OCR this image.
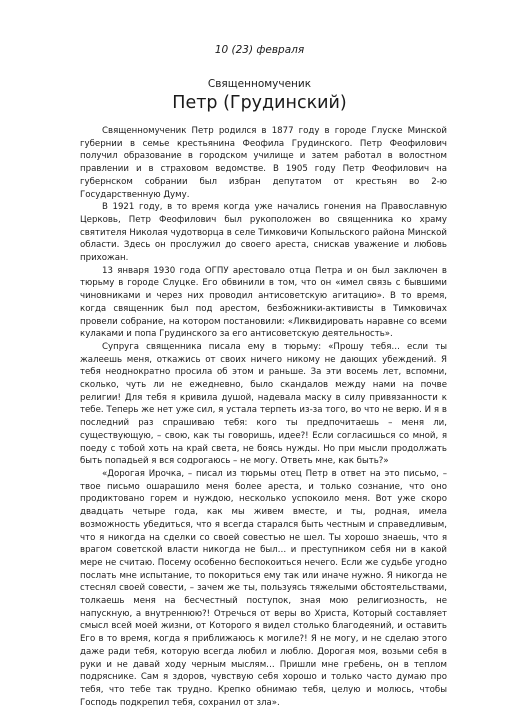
10 (23) февраля
Священномученик
Петр (Грудинский)

Священномученик Петр родился в 1877 году в городе Глуске Минской губернии в семье крестьянина Феофила Грудинского. Петр Феофилович получил образование в городском училище и затем работал в волостном правлении и в страховом ведомстве. В 1905 году Петр Феофилович на губернском собрании был избран депутатом от крестьян во 2-ю Государственную Думу.

В 1921 году, в то время когда уже начались гонения на Православную Церковь, Петр Феофилович был рукоположен во священника ко храму святителя Николая чудотворца в селе Тимковичи Копыльского района Минской области. Здесь он прослужил до своего ареста, снискав уважение и любовь прихожан.

13 января 1930 года ОГПУ арестовало отца Петра и он был заключен в тюрьму в городе Слуцке. Его обвинили в том, что он «имел связь с бывшими чиновниками и через них проводил антисоветскую агитацию». В то время, когда священник был под арестом, безбожники-активисты в Тимковичах провели собрание, на котором постановили: «Ликвидировать наравне со всеми кулаками и попа Грудинского за его антисоветскую деятельность».

Супруга священника писала ему в тюрьму: «Прошу тебя… если ты жалеешь меня, откажись от своих ничего никому не дающих убеждений. Я тебя неоднократно просила об этом и раньше. За эти восемь лет, вспомни, сколько, чуть ли не ежедневно, было скандалов между нами на почве религии! Для тебя я кривила душой, надевала маску в силу привязанности к тебе. Теперь же нет уже сил, я устала терпеть из-за того, во что не верю. И я в последний раз спрашиваю тебя: кого ты предпочитаешь – меня ли, существующую, – свою, как ты говоришь, идее?! Если согласишься со мной, я поеду с тобой хоть на край света, не боясь нужды. Но при мысли продолжать быть попадьей я вся содрогаюсь – не могу. Ответь мне, как быть?»

«Дорогая Ирочка, – писал из тюрьмы отец Петр в ответ на это письмо, – твое письмо ошарашило меня более ареста, и только сознание, что оно продиктовано горем и нуждою, несколько успокоило меня. Вот уже скоро двадцать четыре года, как мы живем вместе, и ты, родная, имела возможность убедиться, что я всегда старался быть честным и справедливым, что я никогда на сделки со своей совестью не шел. Ты хорошо знаешь, что я врагом советской власти никогда не был… и преступником себя ни в какой мере не считаю. Посему особенно беспокоиться нечего. Если же судьбе угодно послать мне испытание, то покориться ему так или иначе нужно. Я никогда не стеснял своей совести, – зачем же ты, пользуясь тяжелыми обстоятельствами, толкаешь меня на бесчестный поступок, зная мою религиозность, не напускную, а внутреннюю?! Отречься от веры во Христа, Который составляет смысл всей моей жизни, от Которого я видел столько благодеяний, и оставить Его в то время, когда я приближаюсь к могиле?! Я не могу, и не сделаю этого даже ради тебя, которую всегда любил и люблю. Дорогая моя, возьми себя в руки и не давай ходу черным мыслям… Пришли мне гребень, он в теплом подряснике. Сам я здоров, чувствую себя хорошо и только часто думаю про тебя, что тебе так трудно. Крепко обнимаю тебя, целую и молюсь, чтобы Господь подкрепил тебя, сохранил от зла».
